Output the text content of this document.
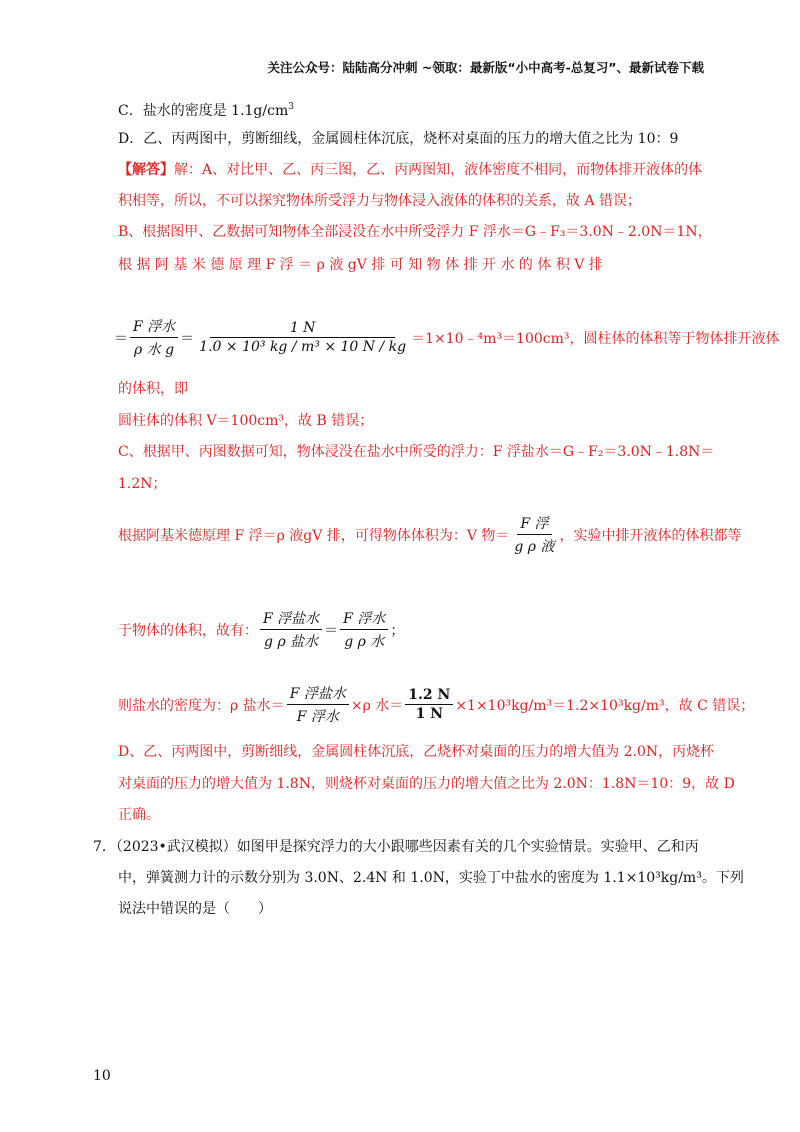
关注公众号：陆陆高分冲刺 ~领取：最新版“小中高考-总复习”、最新试卷下载
C．盐水的密度是 $1.1g/cm^3$
D．乙、丙两图中，剪断细线，金属圆柱体沉底，烧杯对桌面的压力的增大值之比为 10：9
【解答】解：A、对比甲、乙、丙三图，乙、丙两图知，液体密度不相同，而物体排开液体的体
积相等，所以，不可以探究物体所受浮力与物体浸入液体的体积的关系，故 A 错误；
B、根据图甲、乙数据可知物体全部浸没在水中所受浮力 F 浮水＝G﹣F₃＝3.0N﹣2.0N＝1N，
根 据 阿 基 米 德 原 理 F 浮 ＝ ρ 液 gV 排 可 知 物 体 排 开 水 的 体 积 V 排
＝ $\frac{\text{F 浮水}}{\text{ρ 水 g}} = \frac{1 N}{\text{1.0 × 10³ kg / m³ × 10 N / kg}}$ ＝1×10﹣⁴m³＝100cm³，圆柱体的体积等于物体排开液体
的体积，即
圆柱体的体积 V＝100cm³，故 B 错误；
C、根据甲、丙图数据可知，物体浸没在盐水中所受的浮力：F 浮盐水＝G﹣F₂＝3.0N﹣1.8N＝
1.2N；
根据阿基米德原理 F 浮＝ρ 液gV 排，可得物体体积为：V 物＝ $\frac{\text{F 浮}}{\text{g ρ 液}}$ ，实验中排开液体的体积都等
于物体的体积，故有： $\frac{\text{F 浮盐水}}{\text{g ρ 盐水}} = \frac{\text{F 浮水}}{\text{g ρ 水}}$ ；
则盐水的密度为：ρ 盐水＝ $\frac{\text{F 浮盐水}}{\text{F 浮水}} \times\rho$ 水＝ $\frac{1.2 N}{1 N} \times 1\times 10^3kg/m^3=1.2\times 10^3kg/m^3$，故 C 错误；
D、乙、丙两图中，剪断细线，金属圆柱体沉底，乙烧杯对桌面的压力的增大值为 2.0N，丙烧杯
对桌面的压力的增大值为 1.8N，则烧杯对桌面的压力的增大值之比为 2.0N：1.8N＝10：9，故 D
正确。
7．（2023•武汉模拟）如图甲是探究浮力的大小跟哪些因素有关的几个实验情景。实验甲、乙和丙
中，弹簧测力计的示数分别为 3.0N、2.4N 和 1.0N，实验丁中盐水的密度为 1.1×10³kg/m³。下列
说法中错误的是（　　）
10
